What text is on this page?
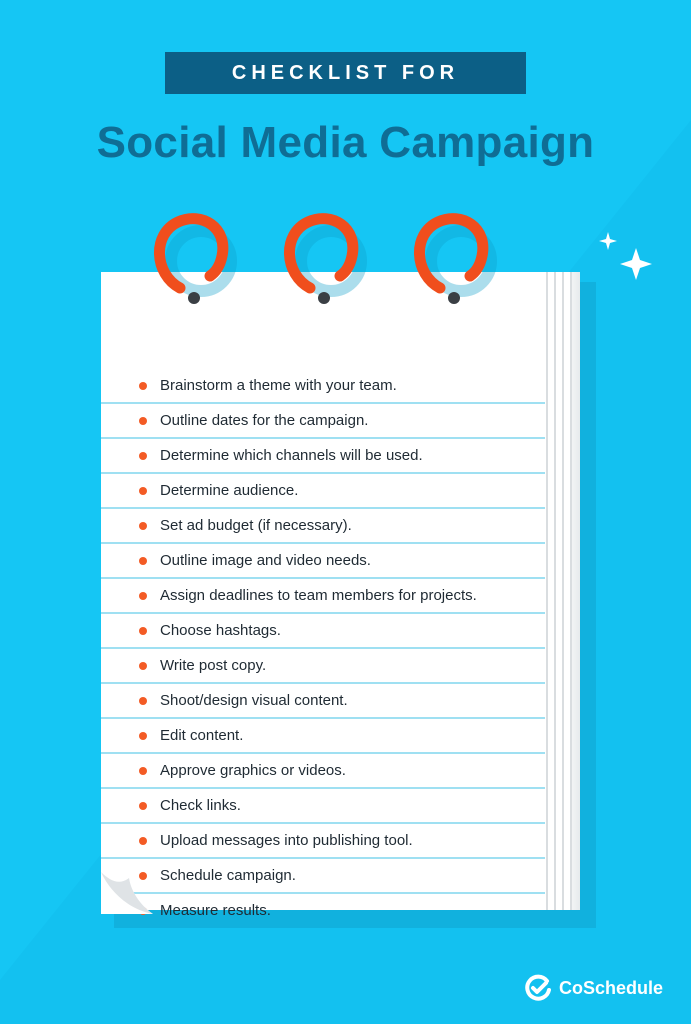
CHECKLIST FOR
Social Media Campaign
Brainstorm a theme with your team.
Outline dates for the campaign.
Determine which channels will be used.
Determine audience.
Set ad budget (if necessary).
Outline image and video needs.
Assign deadlines to team members for projects.
Choose hashtags.
Write post copy.
Shoot/design visual content.
Edit content.
Approve graphics or videos.
Check links.
Upload messages into publishing tool.
Schedule campaign.
Measure results.
CoSchedule
